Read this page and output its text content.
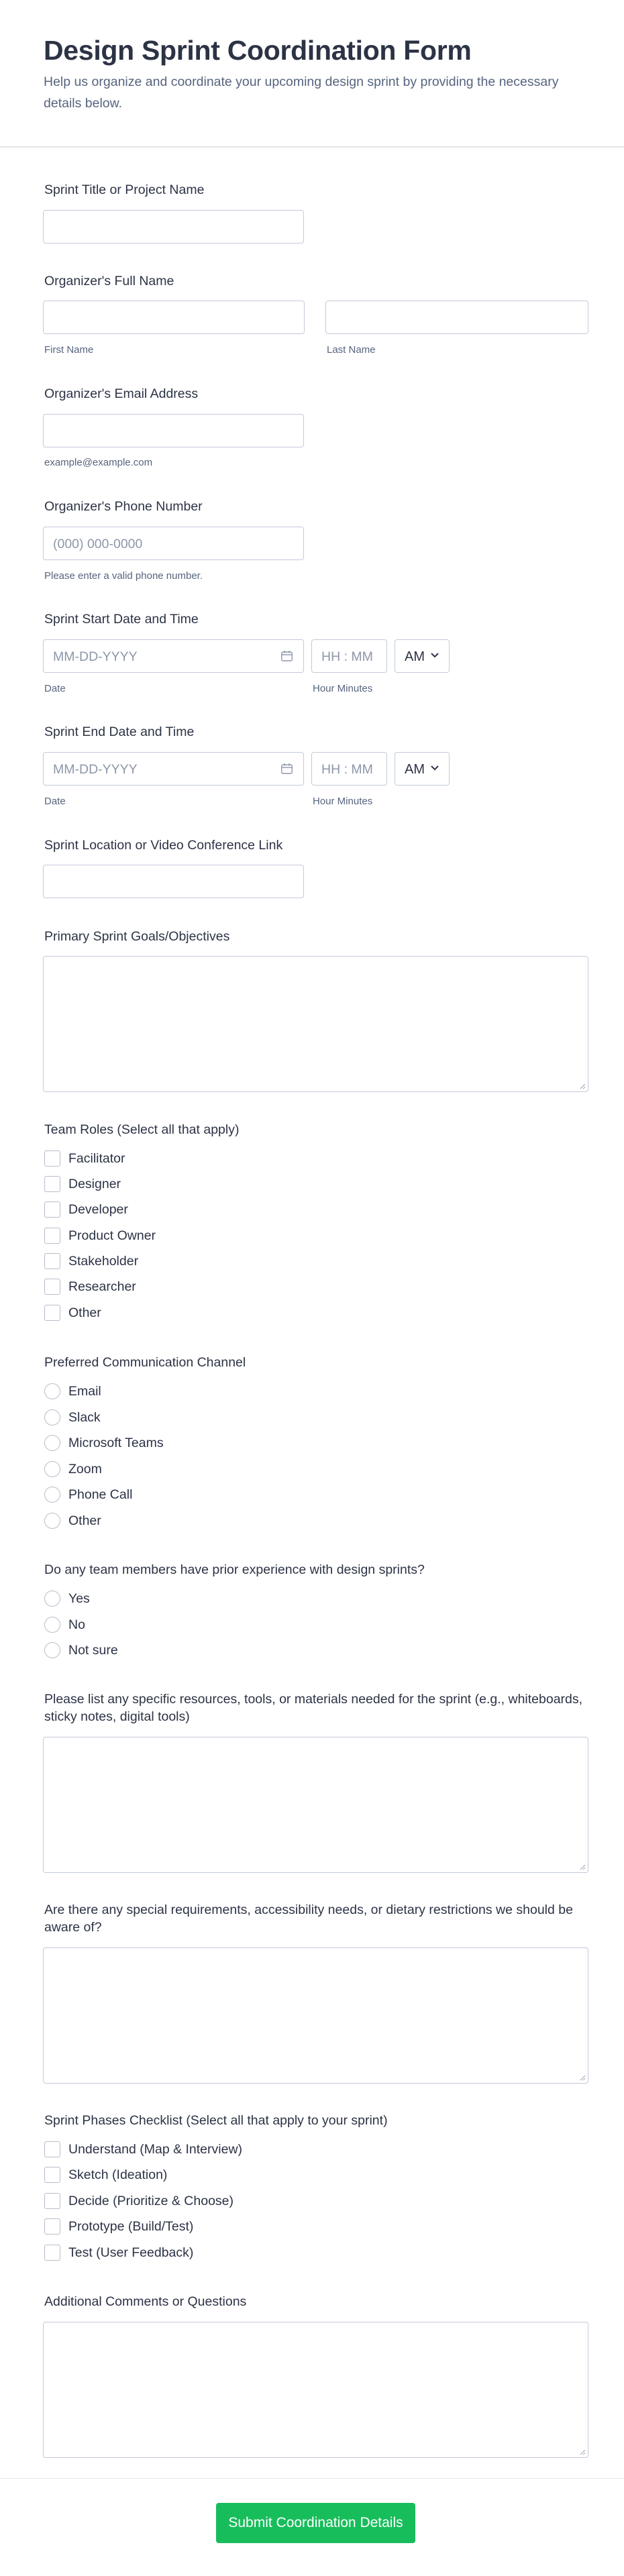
Design Sprint Coordination Form

Help us organize and coordinate your upcoming design sprint by providing the necessary details below.

Sprint Title or Project Name
Organizer's Full Name
First Name	Last Name
Organizer's Email Address
example@example.com
Organizer's Phone Number
(000) 000-0000
Please enter a valid phone number.
Sprint Start Date and Time
MM-DD-YYYY	HH : MM AM
Date	Hour Minutes
Sprint End Date and Time
MM-DD-YYYY	HH : MM AM
Date	Hour Minutes
Sprint Location or Video Conference Link
Primary Sprint Goals/Objectives
Team Roles (Select all that apply)
Facilitator
Designer
Developer
Product Owner
Stakeholder
Researcher
Other
Preferred Communication Channel
Email
Slack
Microsoft Teams
Zoom
Phone Call
Other
Do any team members have prior experience with design sprints?
Yes
No
Not sure
Please list any specific resources, tools, or materials needed for the sprint (e.g., whiteboards, sticky notes, digital tools)
Are there any special requirements, accessibility needs, or dietary restrictions we should be aware of?
Sprint Phases Checklist (Select all that apply to your sprint)
Understand (Map & Interview)
Sketch (Ideation)
Decide (Prioritize & Choose)
Prototype (Build/Test)
Test (User Feedback)
Additional Comments or Questions
Submit Coordination Details
